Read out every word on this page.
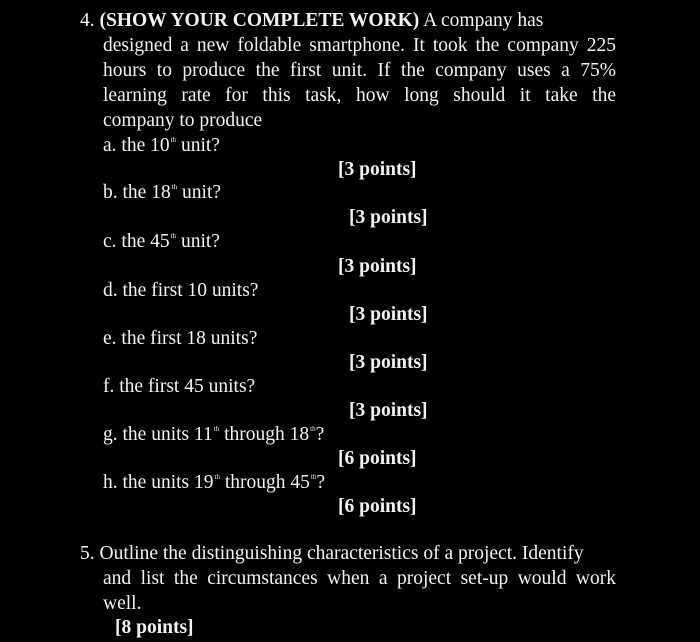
4. (SHOW YOUR COMPLETE WORK) A company has
designed a new foldable smartphone. It took the company 225
hours to produce the first unit. If the company uses a 75%
learning rate for this task, how long should it take the
company to produce
a. the 10th unit?
[3 points]
b. the 18th unit?
[3 points]
c. the 45th unit?
[3 points]
d. the first 10 units?
[3 points]
e. the first 18 units?
[3 points]
f. the first 45 units?
[3 points]
g. the units 11th through 18th?
[6 points]
h. the units 19th through 45th?
[6 points]
5. Outline the distinguishing characteristics of a project. Identify
and list the circumstances when a project set-up would work
well.
[8 points]
